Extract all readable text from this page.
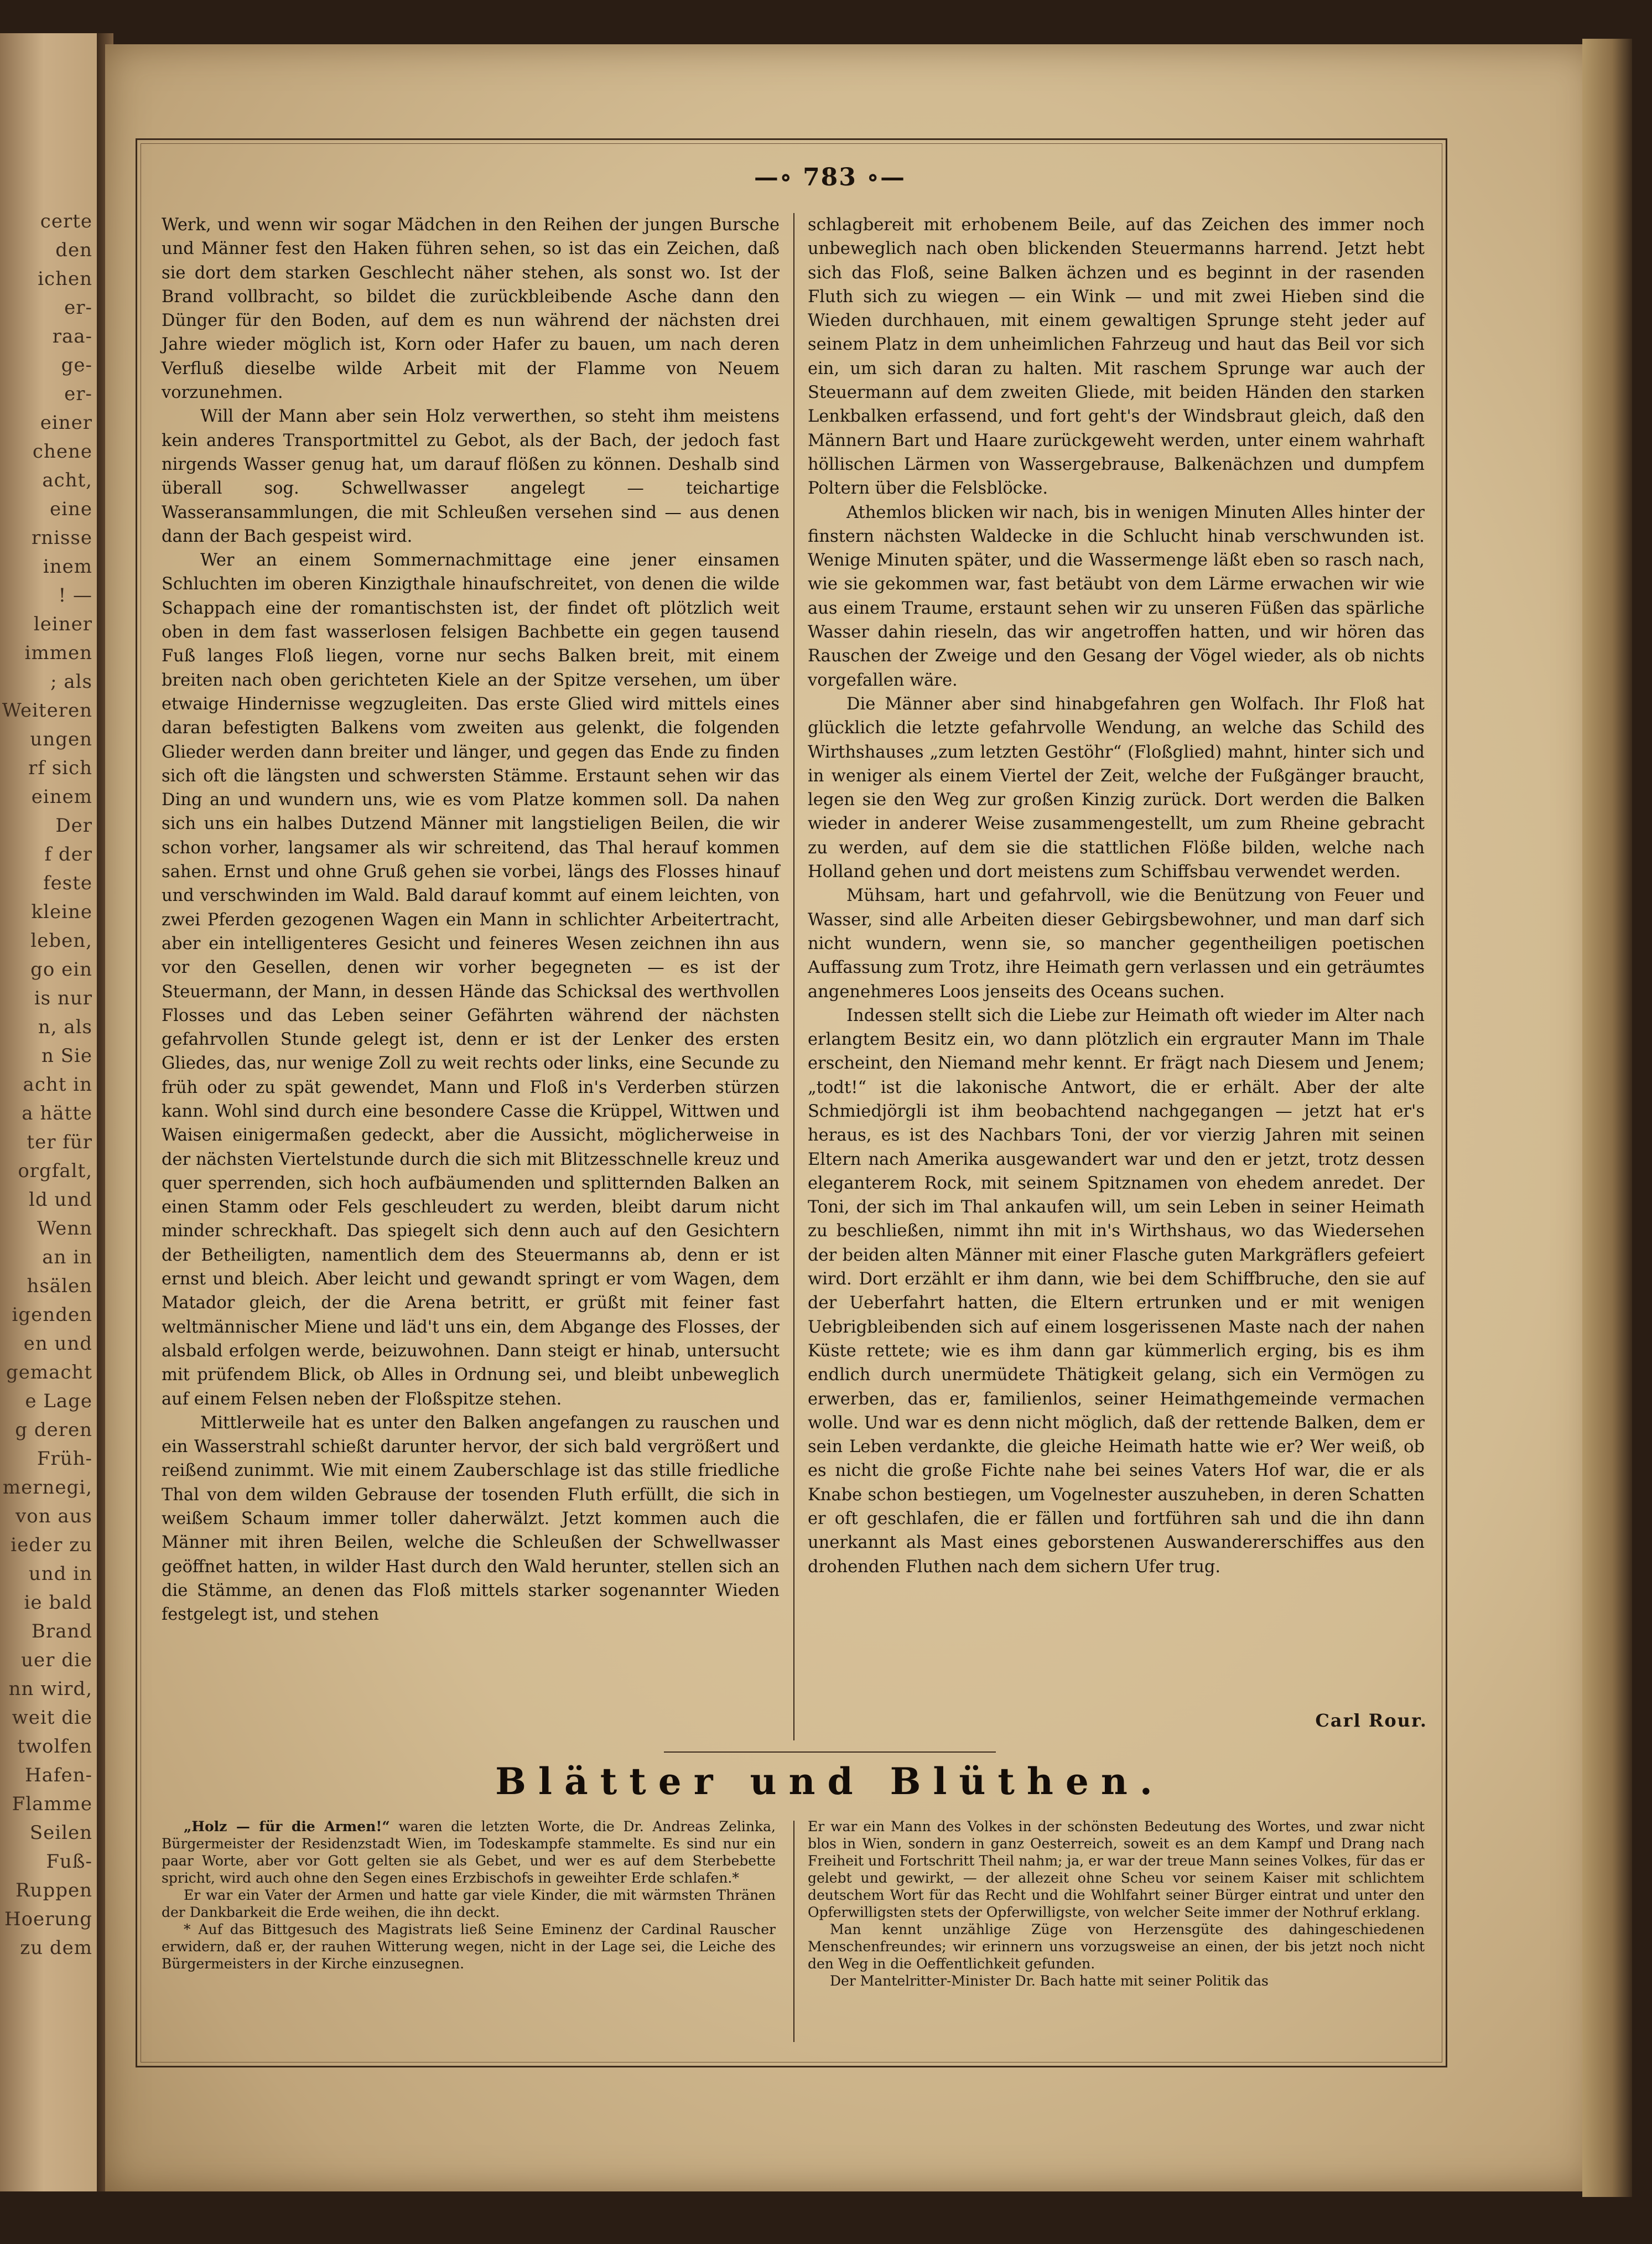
certe
den
ichen
er-
raa-
ge-
er-
einer
chene
acht,
eine
rnisse
inem
! —
leiner
immen
; als
Weiteren
ungen
rf sich
einem
Der
f der
feste
kleine
leben,
go ein
is nur
n, als
n Sie
acht in
a hätte
ter für
orgfalt,
ld und
Wenn
an in
hsälen
igenden
en und
gemacht
e Lage
g deren
Früh-
mernegi,
von aus
ieder zu
und in
ie bald
Brand
uer die
nn wird,
weit die
twolfen
Hafen-
Flamme
Seilen
Fuß-
Ruppen
Hoerung
zu dem
—∘ 783 ∘—

Werk, und wenn wir sogar Mädchen in den Reihen der jungen Bursche und Männer fest den Haken führen sehen, so ist das ein Zeichen, daß sie dort dem starken Geschlecht näher stehen, als sonst wo. Ist der Brand vollbracht, so bildet die zurückbleibende Asche dann den Dünger für den Boden, auf dem es nun während der nächsten drei Jahre wieder möglich ist, Korn oder Hafer zu bauen, um nach deren Verfluß dieselbe wilde Arbeit mit der Flamme von Neuem vorzunehmen.

Will der Mann aber sein Holz verwerthen, so steht ihm meistens kein anderes Transportmittel zu Gebot, als der Bach, der jedoch fast nirgends Wasser genug hat, um darauf flößen zu können. Deshalb sind überall sog. Schwellwasser angelegt — teichartige Wasseransammlungen, die mit Schleußen versehen sind — aus denen dann der Bach gespeist wird.

Wer an einem Sommernachmittage eine jener einsamen Schluchten im oberen Kinzigthale hinaufschreitet, von denen die wilde Schappach eine der romantischsten ist, der findet oft plötzlich weit oben in dem fast wasserlosen felsigen Bachbette ein gegen tausend Fuß langes Floß liegen, vorne nur sechs Balken breit, mit einem breiten nach oben gerichteten Kiele an der Spitze versehen, um über etwaige Hindernisse wegzugleiten. Das erste Glied wird mittels eines daran befestigten Balkens vom zweiten aus gelenkt, die folgenden Glieder werden dann breiter und länger, und gegen das Ende zu finden sich oft die längsten und schwersten Stämme. Erstaunt sehen wir das Ding an und wundern uns, wie es vom Platze kommen soll. Da nahen sich uns ein halbes Dutzend Männer mit langstieligen Beilen, die wir schon vorher, langsamer als wir schreitend, das Thal herauf kommen sahen. Ernst und ohne Gruß gehen sie vorbei, längs des Flosses hinauf und verschwinden im Wald. Bald darauf kommt auf einem leichten, von zwei Pferden gezogenen Wagen ein Mann in schlichter Arbeitertracht, aber ein intelligenteres Gesicht und feineres Wesen zeichnen ihn aus vor den Gesellen, denen wir vorher begegneten — es ist der Steuermann, der Mann, in dessen Hände das Schicksal des werthvollen Flosses und das Leben seiner Gefährten während der nächsten gefahrvollen Stunde gelegt ist, denn er ist der Lenker des ersten Gliedes, das, nur wenige Zoll zu weit rechts oder links, eine Secunde zu früh oder zu spät gewendet, Mann und Floß in's Verderben stürzen kann. Wohl sind durch eine besondere Casse die Krüppel, Wittwen und Waisen einigermaßen gedeckt, aber die Aussicht, möglicherweise in der nächsten Viertelstunde durch die sich mit Blitzesschnelle kreuz und quer sperrenden, sich hoch aufbäumenden und splitternden Balken an einen Stamm oder Fels geschleudert zu werden, bleibt darum nicht minder schreckhaft. Das spiegelt sich denn auch auf den Gesichtern der Betheiligten, namentlich dem des Steuermanns ab, denn er ist ernst und bleich. Aber leicht und gewandt springt er vom Wagen, dem Matador gleich, der die Arena betritt, er grüßt mit feiner fast weltmännischer Miene und läd't uns ein, dem Abgange des Flosses, der alsbald erfolgen werde, beizuwohnen. Dann steigt er hinab, untersucht mit prüfendem Blick, ob Alles in Ordnung sei, und bleibt unbeweglich auf einem Felsen neben der Floßspitze stehen.

Mittlerweile hat es unter den Balken angefangen zu rauschen und ein Wasserstrahl schießt darunter hervor, der sich bald vergrößert und reißend zunimmt. Wie mit einem Zauberschlage ist das stille friedliche Thal von dem wilden Gebrause der tosenden Fluth erfüllt, die sich in weißem Schaum immer toller daherwälzt. Jetzt kommen auch die Männer mit ihren Beilen, welche die Schleußen der Schwellwasser geöffnet hatten, in wilder Hast durch den Wald herunter, stellen sich an die Stämme, an denen das Floß mittels starker sogenannter Wieden festgelegt ist, und stehen

schlagbereit mit erhobenem Beile, auf das Zeichen des immer noch unbeweglich nach oben blickenden Steuermanns harrend. Jetzt hebt sich das Floß, seine Balken ächzen und es beginnt in der rasenden Fluth sich zu wiegen — ein Wink — und mit zwei Hieben sind die Wieden durchhauen, mit einem gewaltigen Sprunge steht jeder auf seinem Platz in dem unheimlichen Fahrzeug und haut das Beil vor sich ein, um sich daran zu halten. Mit raschem Sprunge war auch der Steuermann auf dem zweiten Gliede, mit beiden Händen den starken Lenkbalken erfassend, und fort geht's der Windsbraut gleich, daß den Männern Bart und Haare zurückgeweht werden, unter einem wahrhaft höllischen Lärmen von Wassergebrause, Balkenächzen und dumpfem Poltern über die Felsblöcke.

Athemlos blicken wir nach, bis in wenigen Minuten Alles hinter der finstern nächsten Waldecke in die Schlucht hinab verschwunden ist. Wenige Minuten später, und die Wassermenge läßt eben so rasch nach, wie sie gekommen war, fast betäubt von dem Lärme erwachen wir wie aus einem Traume, erstaunt sehen wir zu unseren Füßen das spärliche Wasser dahin rieseln, das wir angetroffen hatten, und wir hören das Rauschen der Zweige und den Gesang der Vögel wieder, als ob nichts vorgefallen wäre.

Die Männer aber sind hinabgefahren gen Wolfach. Ihr Floß hat glücklich die letzte gefahrvolle Wendung, an welche das Schild des Wirthshauses „zum letzten Gestöhr“ (Floßglied) mahnt, hinter sich und in weniger als einem Viertel der Zeit, welche der Fußgänger braucht, legen sie den Weg zur großen Kinzig zurück. Dort werden die Balken wieder in anderer Weise zusammengestellt, um zum Rheine gebracht zu werden, auf dem sie die stattlichen Flöße bilden, welche nach Holland gehen und dort meistens zum Schiffsbau verwendet werden.

Mühsam, hart und gefahrvoll, wie die Benützung von Feuer und Wasser, sind alle Arbeiten dieser Gebirgsbewohner, und man darf sich nicht wundern, wenn sie, so mancher gegentheiligen poetischen Auffassung zum Trotz, ihre Heimath gern verlassen und ein geträumtes angenehmeres Loos jenseits des Oceans suchen.

Indessen stellt sich die Liebe zur Heimath oft wieder im Alter nach erlangtem Besitz ein, wo dann plötzlich ein ergrauter Mann im Thale erscheint, den Niemand mehr kennt. Er frägt nach Diesem und Jenem; „todt!“ ist die lakonische Antwort, die er erhält. Aber der alte Schmiedjörgli ist ihm beobachtend nachgegangen — jetzt hat er's heraus, es ist des Nachbars Toni, der vor vierzig Jahren mit seinen Eltern nach Amerika ausgewandert war und den er jetzt, trotz dessen eleganterem Rock, mit seinem Spitznamen von ehedem anredet. Der Toni, der sich im Thal ankaufen will, um sein Leben in seiner Heimath zu beschließen, nimmt ihn mit in's Wirthshaus, wo das Wiedersehen der beiden alten Männer mit einer Flasche guten Markgräflers gefeiert wird. Dort erzählt er ihm dann, wie bei dem Schiffbruche, den sie auf der Ueberfahrt hatten, die Eltern ertrunken und er mit wenigen Uebrigbleibenden sich auf einem losgerissenen Maste nach der nahen Küste rettete; wie es ihm dann gar kümmerlich erging, bis es ihm endlich durch unermüdete Thätigkeit gelang, sich ein Vermögen zu erwerben, das er, familienlos, seiner Heimathgemeinde vermachen wolle. Und war es denn nicht möglich, daß der rettende Balken, dem er sein Leben verdankte, die gleiche Heimath hatte wie er? Wer weiß, ob es nicht die große Fichte nahe bei seines Vaters Hof war, die er als Knabe schon bestiegen, um Vogelnester auszuheben, in deren Schatten er oft geschlafen, die er fällen und fortführen sah und die ihn dann unerkannt als Mast eines geborstenen Auswandererschiffes aus den drohenden Fluthen nach dem sichern Ufer trug.

Carl Rour.
Blätter und Blüthen.

„Holz — für die Armen!“ waren die letzten Worte, die Dr. Andreas Zelinka, Bürgermeister der Residenzstadt Wien, im Todeskampfe stammelte. Es sind nur ein paar Worte, aber vor Gott gelten sie als Gebet, und wer es auf dem Sterbebette spricht, wird auch ohne den Segen eines Erzbischofs in geweihter Erde schlafen.*

Er war ein Vater der Armen und hatte gar viele Kinder, die mit wärmsten Thränen der Dankbarkeit die Erde weihen, die ihn deckt.

* Auf das Bittgesuch des Magistrats ließ Seine Eminenz der Cardinal Rauscher erwidern, daß er, der rauhen Witterung wegen, nicht in der Lage sei, die Leiche des Bürgermeisters in der Kirche einzusegnen.

Er war ein Mann des Volkes in der schönsten Bedeutung des Wortes, und zwar nicht blos in Wien, sondern in ganz Oesterreich, soweit es an dem Kampf und Drang nach Freiheit und Fortschritt Theil nahm; ja, er war der treue Mann seines Volkes, für das er gelebt und gewirkt, — der allezeit ohne Scheu vor seinem Kaiser mit schlichtem deutschem Wort für das Recht und die Wohlfahrt seiner Bürger eintrat und unter den Opferwilligsten stets der Opferwilligste, von welcher Seite immer der Nothruf erklang.

Man kennt unzählige Züge von Herzensgüte des dahingeschiedenen Menschenfreundes; wir erinnern uns vorzugsweise an einen, der bis jetzt noch nicht den Weg in die Oeffentlichkeit gefunden.

Der Mantelritter-Minister Dr. Bach hatte mit seiner Politik das
